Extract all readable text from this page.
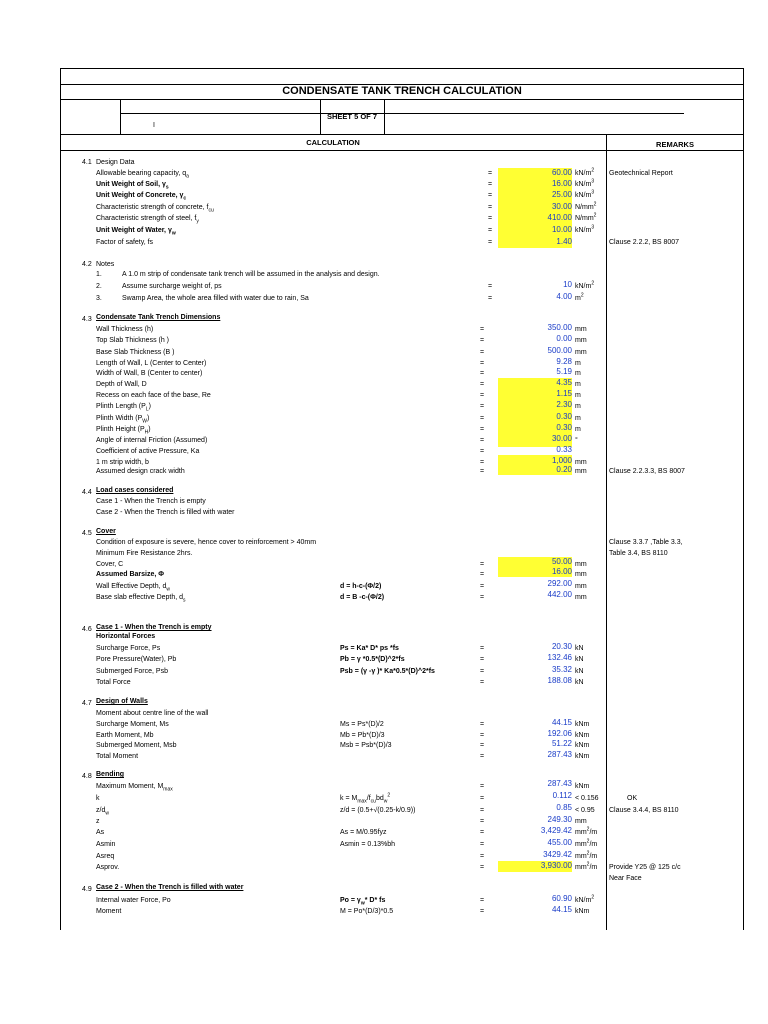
CONDENSATE TANK TRENCH CALCULATION
SHEET 5 OF 7
I
CALCULATION	REMARKS
4.1 Design Data
Allowable bearing capacity, $q_a$	=	60.00 $kN/m^2$ Geotechnical Report
Unit Weight of Soil, $\gamma_s$	=	16.00 $kN/m^3$
Unit Weight of Concrete, $\gamma_c$	=	25.00 $kN/m^3$
Characteristic strength of concrete, $f_{cu}$	=	30.00 $N/mm^2$
Characteristic strength of steel, $f_y$	=	410.00 $N/mm^2$
Unit Weight of Water, $\gamma_w$	=	10.00 $kN/m^3$
Factor of safety, fs	=	1.40	Clause 2.2.2, BS 8007
4.2 Notes
1.	A 1.0 m strip of condensate tank trench will be assumed in the analysis and design.
2.	Assume surcharge weight of, ps	=	10 $kN/m^2$
3.	Swamp Area, the whole area filled with water due to rain, Sa	=	4.00 $m^2$
4.3 Condensate Tank Trench Dimensions
Wall Thickness (h)	=	350.00 mm
Top Slab Thickness (h )	=	0.00 mm
Base Slab Thickness (B )	=	500.00 mm
Length of Wall, L (Center to Center)	=	9.28 m
Width of Wall, B (Center to center)	=	5.19 m
Depth of Wall, D	=	4.35 m
Recess on each face of the base, Re	=	1.15 m
Plinth Length $(P_L)$	=	2.30 m
Plinth Width $(P_W)$	=	0.30 m
Plinth Height $(P_H)$	=	0.30 m
Angle of internal Friction (Assumed)	=	30.00 °
Coefficient of active Pressure, Ka	=	0.33
1 m strip width, b	=	1,000 mm
Assumed design crack width	=	0.20 mm	Clause 2.2.3.3, BS 8007
4.4 Load cases considered
Case 1 - When the Trench is empty
Case 2 - When the Trench is filled with water
4.5 Cover
Condition of exposure is severe, hence cover to reinforcement > 40mm
Minimum Fire Resistance 2hrs.
Clause 3.3.7 ,Table 3.3,
Table 3.4, BS 8110
Cover, C	=	50.00 mm
Assumed Barsize, Φ	=	16.00 mm
Wall Effective Depth, $d_w$	d = h-c-(Φ/2)	=	292.00 mm
Base slab effective Depth, $d_s$	d = B -c-(Φ/2)	=	442.00 mm
4.6 Case 1 - When the Trench is empty
Horizontal Forces
Surcharge Force, Ps	Ps = Ka* D* ps *fs	=	20.30 kN
Pore Pressure(Water), Pb	Pb = γ *0.5*(D)^2*fs	=	132.46 kN
Submerged Force, Psb	Psb = (γ -γ )* Ka*0.5*(D)^2*fs	=	35.32 kN
Total Force	=	188.08 kN
4.7 Design of Walls
Moment about centre line of the wall
Surcharge Moment, Ms	Ms = Ps*(D)/2	=	44.15 kNm
Earth Moment, Mb	Mb = Pb*(D)/3	=	192.06 kNm
Submerged Moment, Msb	Msb = Psb*(D)/3	=	51.22 kNm
Total Moment	=	287.43 kNm
4.8 Bending
Maximum Moment, $M_{max}$	=	287.43 kNm
k	$k = M_{max}/f_{cu}bd_w^2$	=	0.112 < 0.156	OK
$z/d_w$	z/d = (0.5+√(0.25-k/0.9))	=	0.85 < 0.95 Clause 3.4.4, BS 8110
z	=	249.30 mm
As	As = M/0.95fyz	=	3,429.42 $mm^2/m$
Asmin	Asmin = 0.13%bh	=	455.00 $mm^2/m$
Asreq	=	3429.42 $mm^2/m$
Asprov.	=	3,930.00 $mm^2/m$ Provide Y25 @ 125 c/c
Near Face
4.9 Case 2 - When the Trench is filled with water
Internal water Force, Po	$Po = \gamma_w*$ D* fs	=	60.90 $kN/m^2$
Moment	M = Po*(D/3)*0.5	=	44.15 kNm
